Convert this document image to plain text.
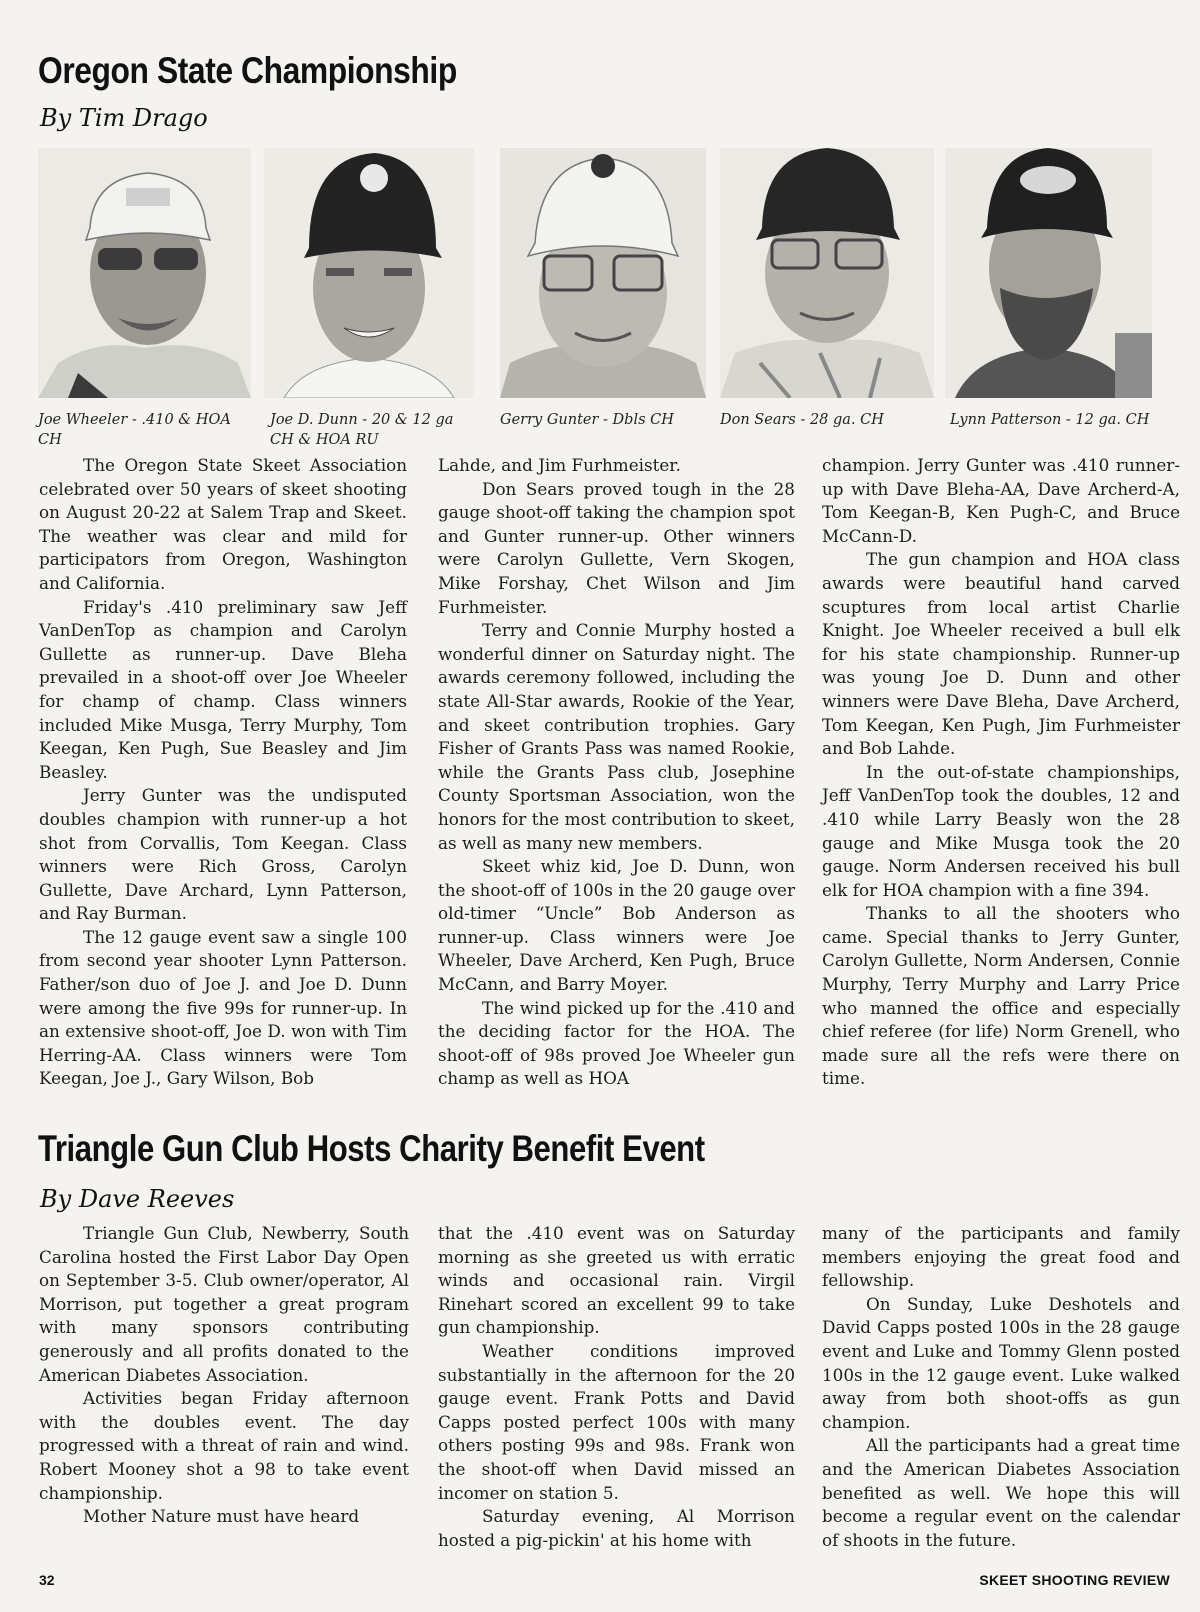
Oregon State Championship
By Tim Drago
Joe Wheeler - .410 & HOA CH
Joe D. Dunn - 20 & 12 ga CH & HOA RU
Gerry Gunter - Dbls CH	Don Sears - 28 ga. CH	Lynn Patterson - 12 ga. CH

The Oregon State Skeet Association celebrated over 50 years of skeet shooting on August 20-22 at Salem Trap and Skeet. The weather was clear and mild for participators from Oregon, Washington and California.

Friday's .410 preliminary saw Jeff VanDenTop as champion and Carolyn Gullette as runner-up. Dave Bleha prevailed in a shoot-off over Joe Wheeler for champ of champ. Class winners included Mike Musga, Terry Murphy, Tom Keegan, Ken Pugh, Sue Beasley and Jim Beasley.

Jerry Gunter was the undisputed doubles champion with runner-up a hot shot from Corvallis, Tom Keegan. Class winners were Rich Gross, Carolyn Gullette, Dave Archard, Lynn Patterson, and Ray Burman.

The 12 gauge event saw a single 100 from second year shooter Lynn Patterson. Father/son duo of Joe J. and Joe D. Dunn were among the five 99s for runner-up. In an extensive shoot-off, Joe D. won with Tim Herring-AA. Class winners were Tom Keegan, Joe J., Gary Wilson, Bob

Lahde, and Jim Furhmeister.

Don Sears proved tough in the 28 gauge shoot-off taking the champion spot and Gunter runner-up. Other winners were Carolyn Gullette, Vern Skogen, Mike Forshay, Chet Wilson and Jim Furhmeister.

Terry and Connie Murphy hosted a wonderful dinner on Saturday night. The awards ceremony followed, including the state All-Star awards, Rookie of the Year, and skeet contribution trophies. Gary Fisher of Grants Pass was named Rookie, while the Grants Pass club, Josephine County Sportsman Association, won the honors for the most contribution to skeet, as well as many new members.

Skeet whiz kid, Joe D. Dunn, won the shoot-off of 100s in the 20 gauge over old-timer “Uncle” Bob Anderson as runner-up. Class winners were Joe Wheeler, Dave Archerd, Ken Pugh, Bruce McCann, and Barry Moyer.

The wind picked up for the .410 and the deciding factor for the HOA. The shoot-off of 98s proved Joe Wheeler gun champ as well as HOA

champion. Jerry Gunter was .410 runner-up with Dave Bleha-AA, Dave Archerd-A, Tom Keegan-B, Ken Pugh-C, and Bruce McCann-D.

The gun champion and HOA class awards were beautiful hand carved scuptures from local artist Charlie Knight. Joe Wheeler received a bull elk for his state championship. Runner-up was young Joe D. Dunn and other winners were Dave Bleha, Dave Archerd, Tom Keegan, Ken Pugh, Jim Furhmeister and Bob Lahde.

In the out-of-state championships, Jeff VanDenTop took the doubles, 12 and .410 while Larry Beasly won the 28 gauge and Mike Musga took the 20 gauge. Norm Andersen received his bull elk for HOA champion with a fine 394.

Thanks to all the shooters who came. Special thanks to Jerry Gunter, Carolyn Gullette, Norm Andersen, Connie Murphy, Terry Murphy and Larry Price who manned the office and especially chief referee (for life) Norm Grenell, who made sure all the refs were there on time.

Triangle Gun Club Hosts Charity Benefit Event
By Dave Reeves

Triangle Gun Club, Newberry, South Carolina hosted the First Labor Day Open on September 3-5. Club owner/operator, Al Morrison, put together a great program with many sponsors contributing generously and all profits donated to the American Diabetes Association.

Activities began Friday afternoon with the doubles event. The day progressed with a threat of rain and wind. Robert Mooney shot a 98 to take event championship.

Mother Nature must have heard

that the .410 event was on Saturday morning as she greeted us with erratic winds and occasional rain. Virgil Rinehart scored an excellent 99 to take gun championship.

Weather conditions improved substantially in the afternoon for the 20 gauge event. Frank Potts and David Capps posted perfect 100s with many others posting 99s and 98s. Frank won the shoot-off when David missed an incomer on station 5.

Saturday evening, Al Morrison hosted a pig-pickin' at his home with

many of the participants and family members enjoying the great food and fellowship.

On Sunday, Luke Deshotels and David Capps posted 100s in the 28 gauge event and Luke and Tommy Glenn posted 100s in the 12 gauge event. Luke walked away from both shoot-offs as gun champion.

All the participants had a great time and the American Diabetes Association benefited as well. We hope this will become a regular event on the calendar of shoots in the future.

32	SKEET SHOOTING REVIEW
